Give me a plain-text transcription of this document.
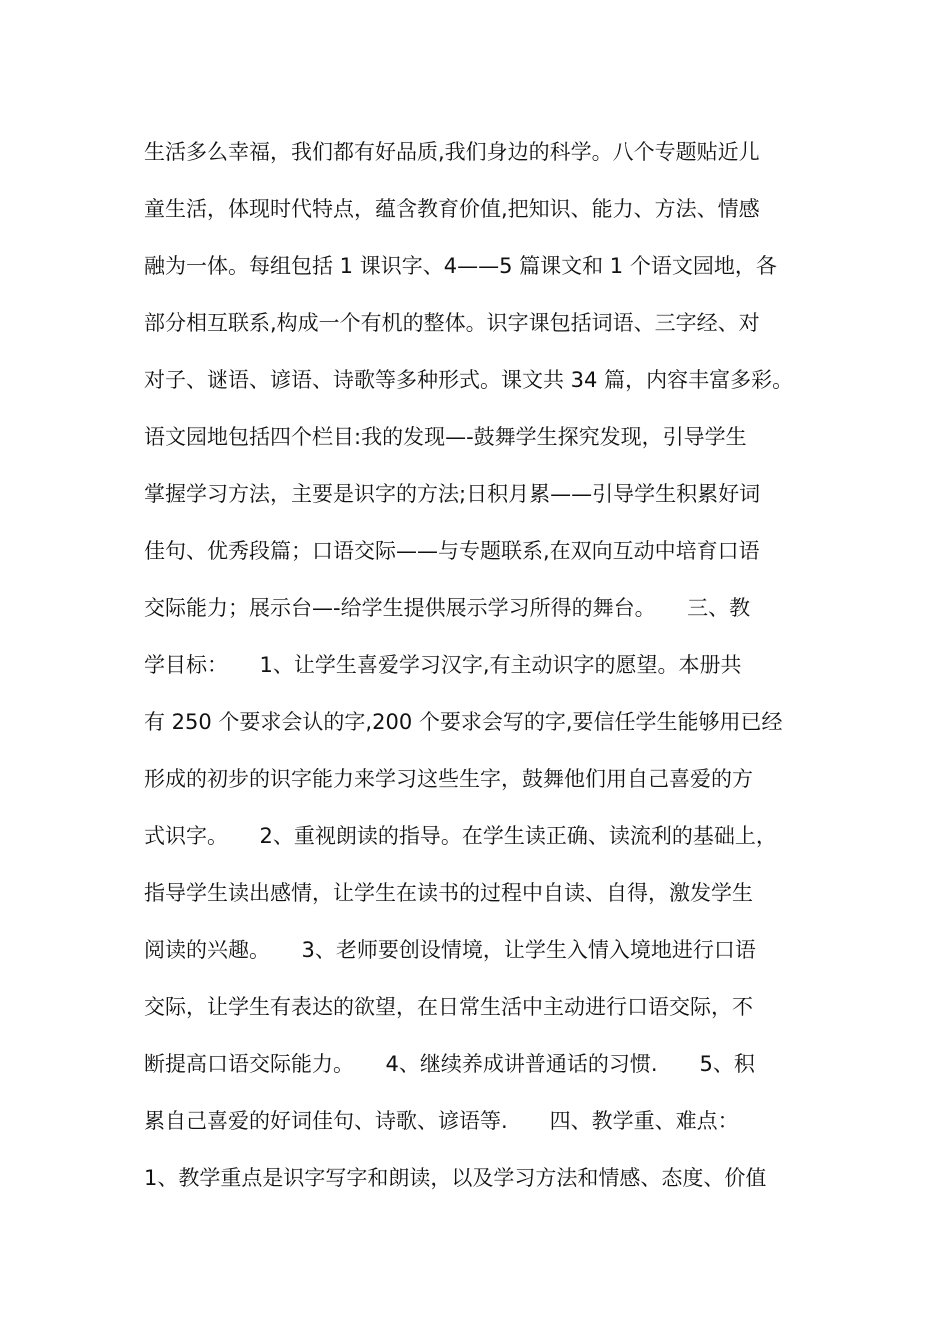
生活多么幸福，我们都有好品质,我们身边的科学。八个专题贴近儿
童生活，体现时代特点，蕴含教育价值,把知识、能力、方法、情感
融为一体。每组包括 1 课识字、4——5 篇课文和 1 个语文园地，各
部分相互联系,构成一个有机的整体。识字课包括词语、三字经、对
对子、谜语、谚语、诗歌等多种形式。课文共 34 篇，内容丰富多彩。
语文园地包括四个栏目:我的发现—-鼓舞学生探究发现，引导学生
掌握学习方法，主要是识字的方法;日积月累——引导学生积累好词
佳句、优秀段篇；口语交际——与专题联系,在双向互动中培育口语
交际能力；展示台—-给学生提供展示学习所得的舞台。　　三、教
学目标：　　1、让学生喜爱学习汉字,有主动识字的愿望。本册共
有 250 个要求会认的字,200 个要求会写的字,要信任学生能够用已经
形成的初步的识字能力来学习这些生字，鼓舞他们用自己喜爱的方
式识字。　　2、重视朗读的指导。在学生读正确、读流利的基础上，
指导学生读出感情，让学生在读书的过程中自读、自得，激发学生
阅读的兴趣。　　3、老师要创设情境，让学生入情入境地进行口语
交际，让学生有表达的欲望，在日常生活中主动进行口语交际，不
断提高口语交际能力。　　4、继续养成讲普通话的习惯.　　5、积
累自己喜爱的好词佳句、诗歌、谚语等.　　四、教学重、难点：
1、教学重点是识字写字和朗读，以及学习方法和情感、态度、价值
